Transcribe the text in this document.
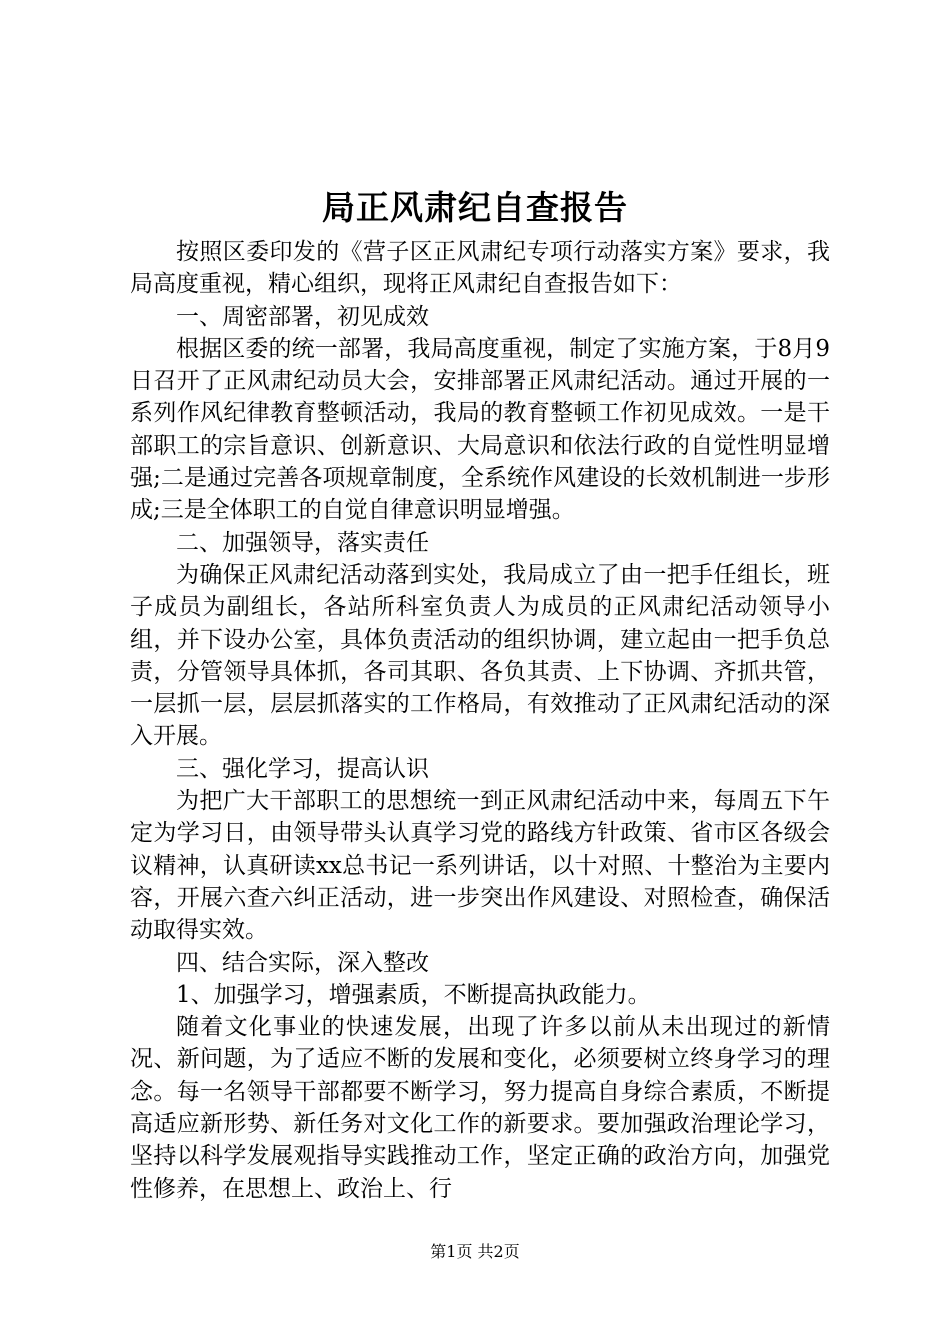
局正风肃纪自查报告

按照区委印发的《营子区正风肃纪专项行动落实方案》要求，我局高度重视，精心组织，现将正风肃纪自查报告如下：

一、周密部署，初见成效

根据区委的统一部署，我局高度重视，制定了实施方案，于8月9日召开了正风肃纪动员大会，安排部署正风肃纪活动。通过开展的一系列作风纪律教育整顿活动，我局的教育整顿工作初见成效。一是干部职工的宗旨意识、创新意识、大局意识和依法行政的自觉性明显增强;二是通过完善各项规章制度，全系统作风建设的长效机制进一步形成;三是全体职工的自觉自律意识明显增强。

二、加强领导，落实责任

为确保正风肃纪活动落到实处，我局成立了由一把手任组长，班子成员为副组长，各站所科室负责人为成员的正风肃纪活动领导小组，并下设办公室，具体负责活动的组织协调，建立起由一把手负总责，分管领导具体抓，各司其职、各负其责、上下协调、齐抓共管，一层抓一层，层层抓落实的工作格局，有效推动了正风肃纪活动的深入开展。

三、强化学习，提高认识

为把广大干部职工的思想统一到正风肃纪活动中来，每周五下午定为学习日，由领导带头认真学习党的路线方针政策、省市区各级会议精神，认真研读xx总书记一系列讲话，以十对照、十整治为主要内容，开展六查六纠正活动，进一步突出作风建设、对照检查，确保活动取得实效。

四、结合实际，深入整改

1、加强学习，增强素质，不断提高执政能力。

随着文化事业的快速发展，出现了许多以前从未出现过的新情况、新问题，为了适应不断的发展和变化，必须要树立终身学习的理念。每一名领导干部都要不断学习，努力提高自身综合素质，不断提高适应新形势、新任务对文化工作的新要求。要加强政治理论学习，坚持以科学发展观指导实践推动工作，坚定正确的政治方向，加强党性修养，在思想上、政治上、行

第1页 共2页
